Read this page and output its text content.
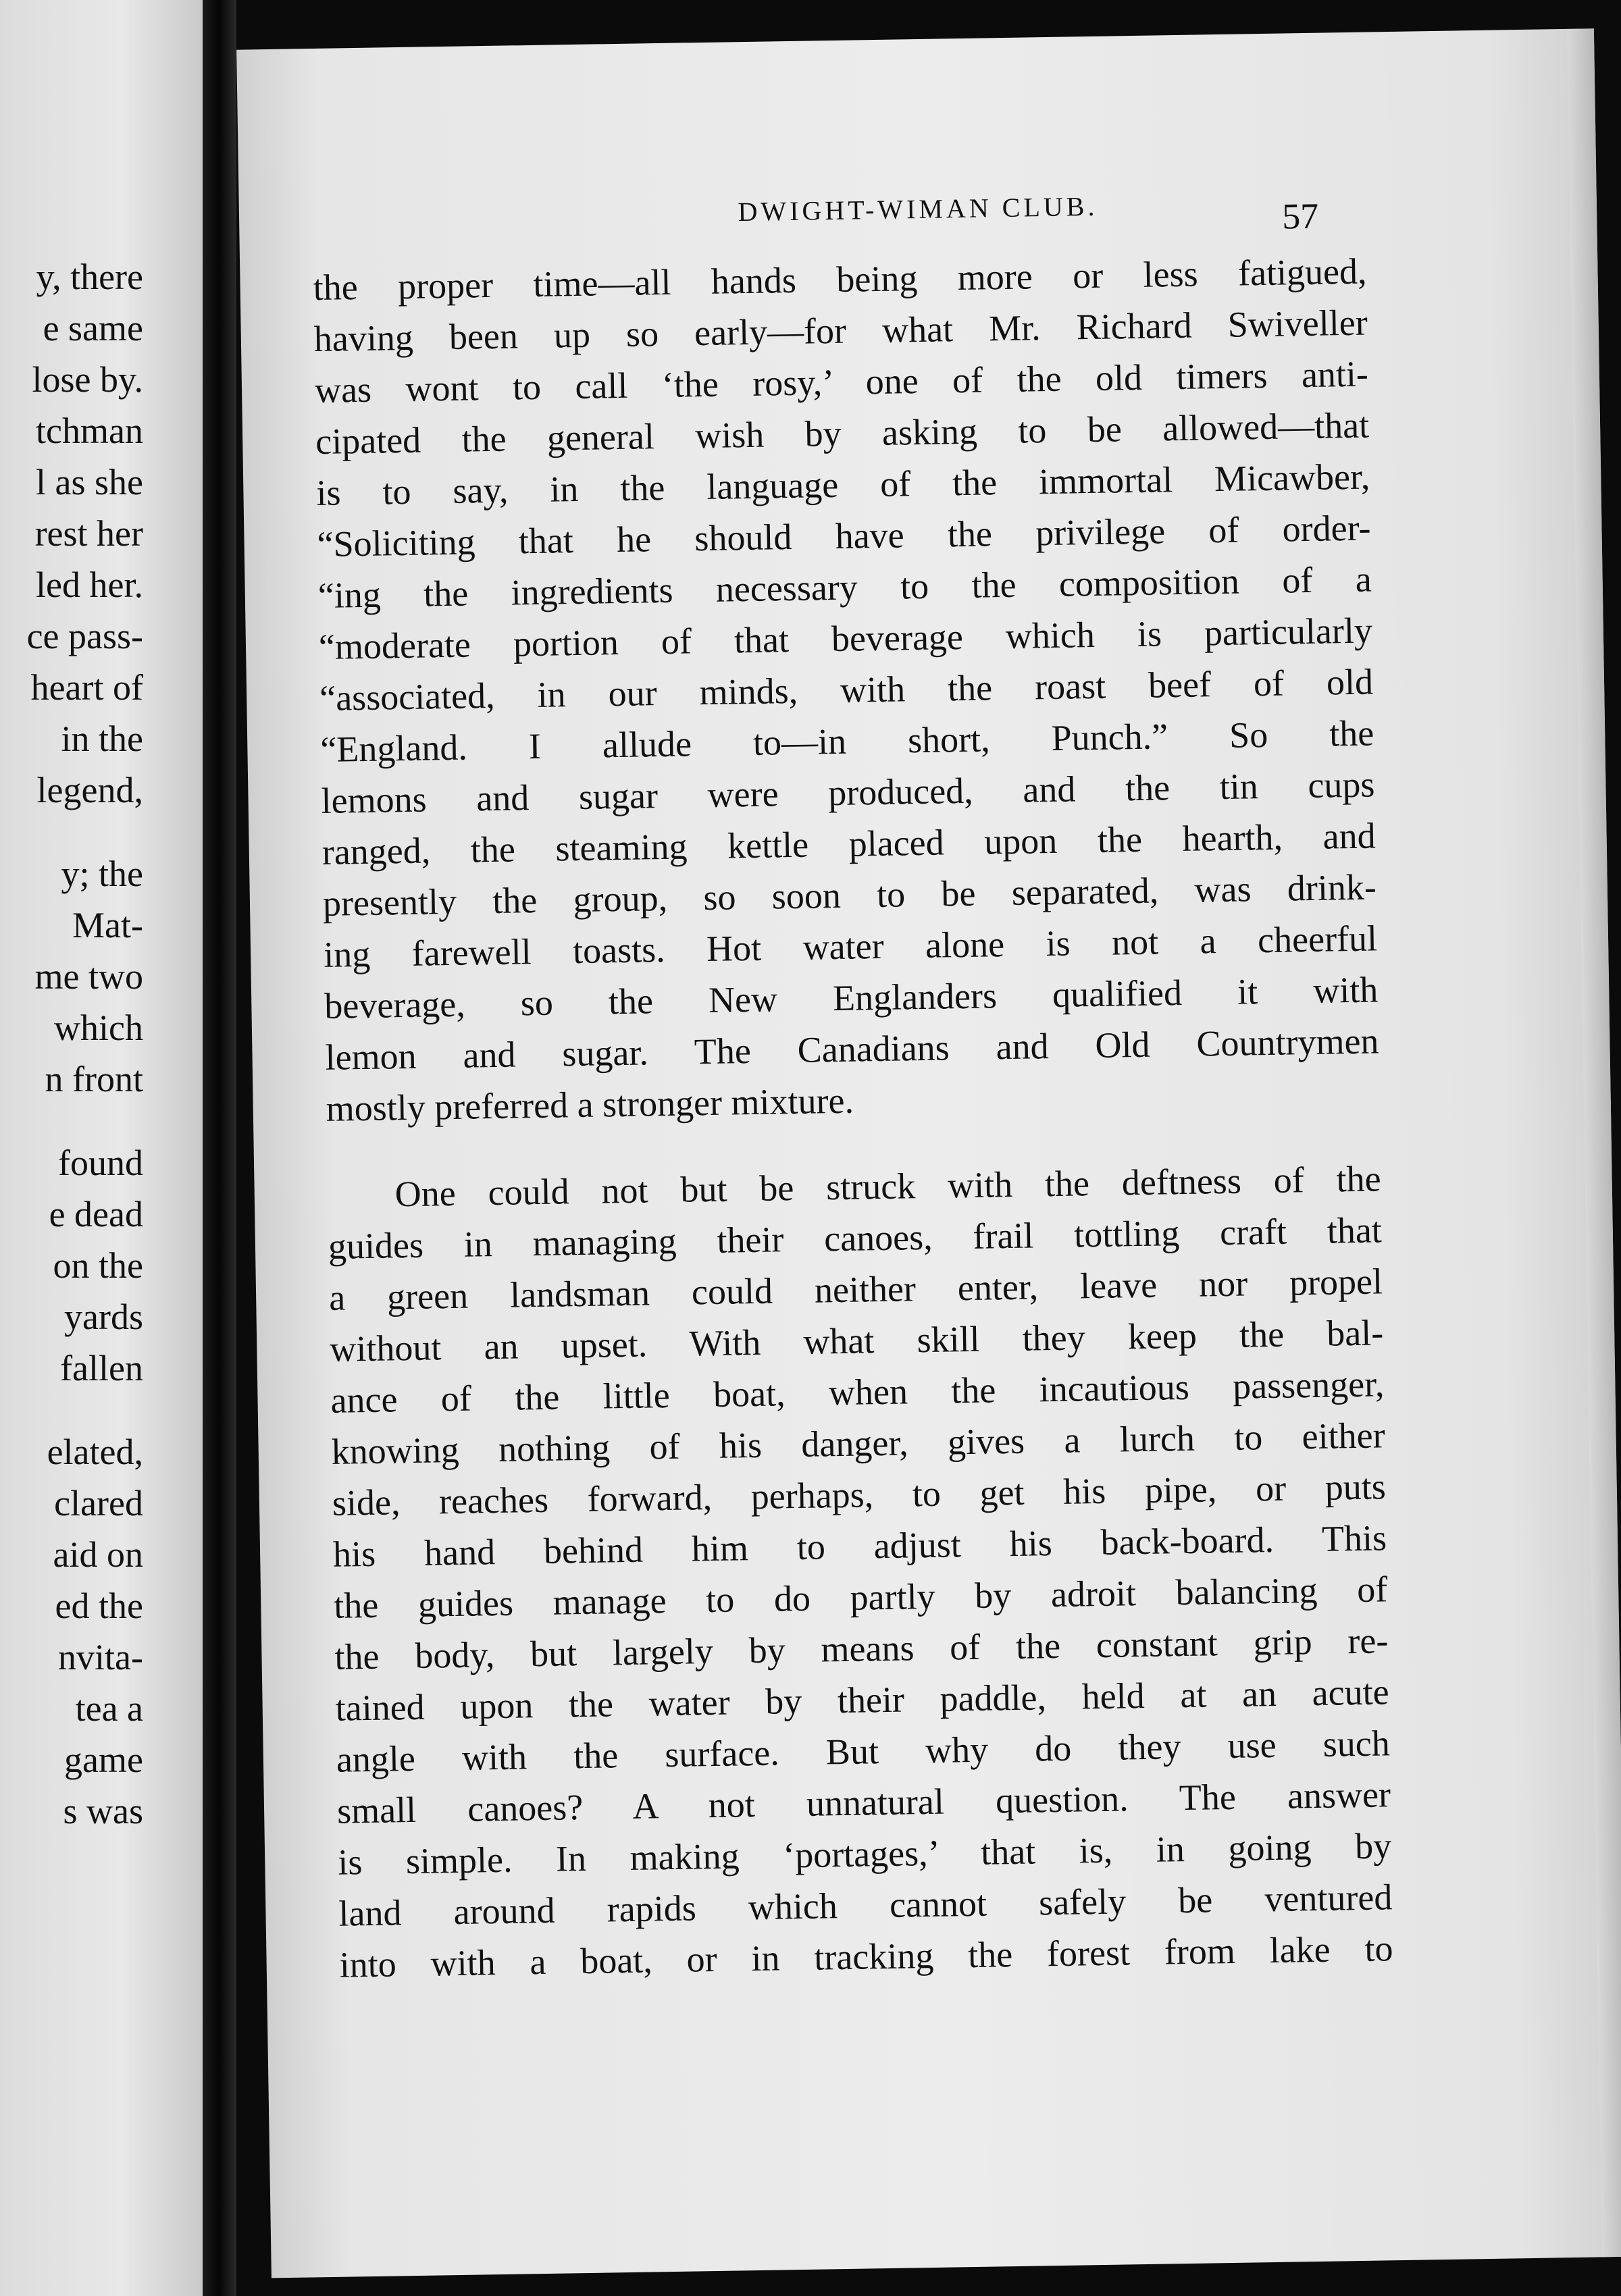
y, there
e same
lose by.
tchman
l as she
rest her
led her.
ce pass-
heart of
in the
legend,
y; the
Mat-
me two
which
n front
found
e dead
on the
yards
fallen
elated,
clared
aid on
ed the
nvita-
tea a
game
s was
DWIGHT-WIMAN CLUB.	57
the proper time—all hands being more or less fatigued,
having been up so early—for what Mr. Richard Swiveller
was wont to call ‘the rosy,’ one of the old timers anti-
cipated the general wish by asking to be allowed—that
is to say, in the language of the immortal Micawber,
“Soliciting that he should have the privilege of order-
“ing the ingredients necessary to the composition of a
“moderate portion of that beverage which is particularly
“associated, in our minds, with the roast beef of old
“England. I allude to—in short, Punch.” So the
lemons and sugar were produced, and the tin cups
ranged, the steaming kettle placed upon the hearth, and
presently the group, so soon to be separated, was drink-
ing farewell toasts. Hot water alone is not a cheerful
beverage, so the New Englanders qualified it with
lemon and sugar. The Canadians and Old Countrymen
mostly preferred a stronger mixture.
One could not but be struck with the deftness of the
guides in managing their canoes, frail tottling craft that
a green landsman could neither enter, leave nor propel
without an upset. With what skill they keep the bal-
ance of the little boat, when the incautious passenger,
knowing nothing of his danger, gives a lurch to either
side, reaches forward, perhaps, to get his pipe, or puts
his hand behind him to adjust his back-board. This
the guides manage to do partly by adroit balancing of
the body, but largely by means of the constant grip re-
tained upon the water by their paddle, held at an acute
angle with the surface. But why do they use such
small canoes? A not unnatural question. The answer
is simple. In making ‘portages,’ that is, in going by
land around rapids which cannot safely be ventured
into with a boat, or in tracking the forest from lake to
